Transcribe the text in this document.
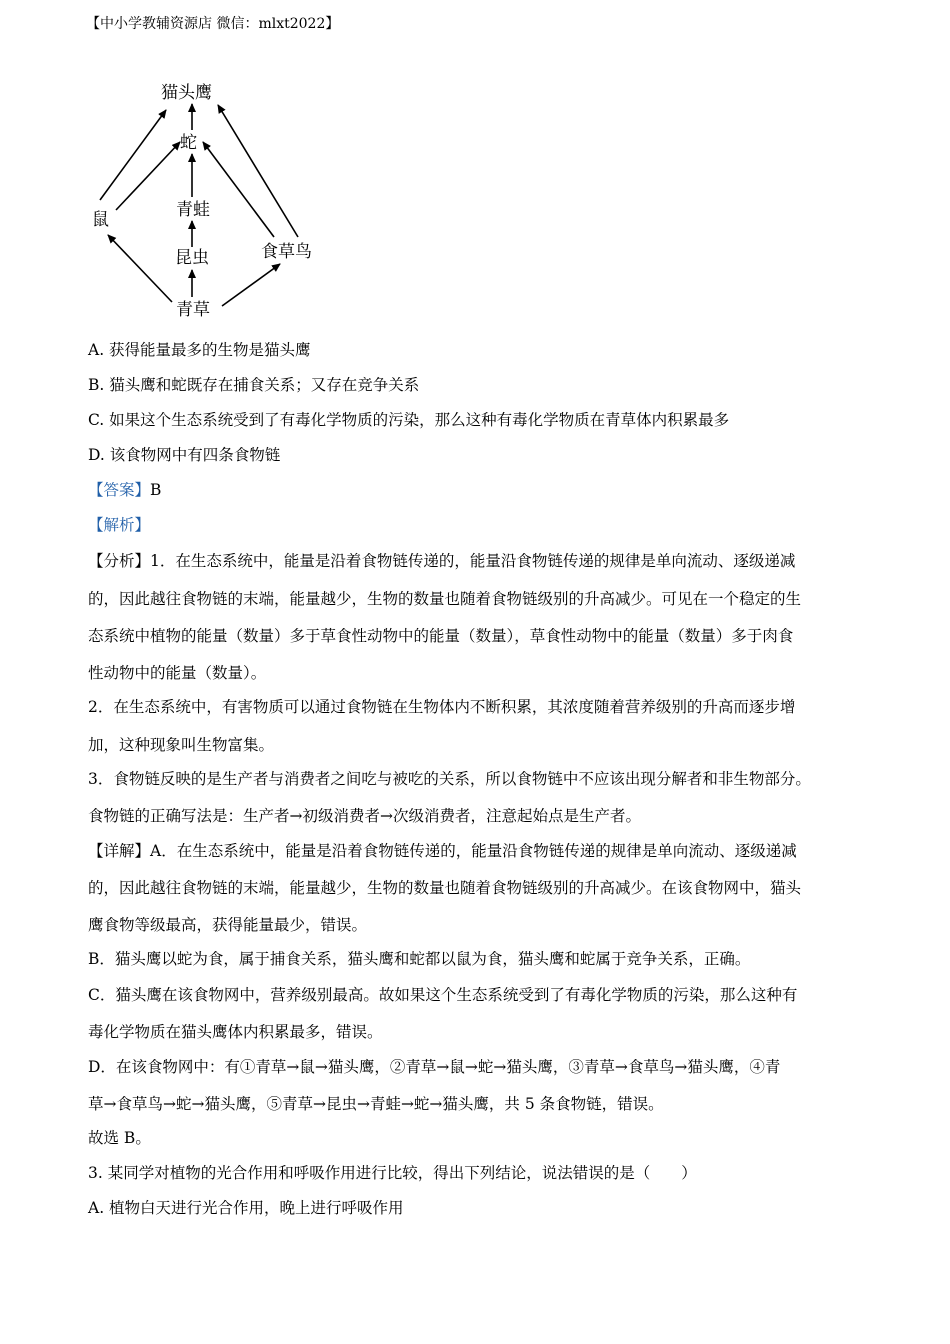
【中小学教辅资源店 微信：mlxt2022】
猫头鹰
蛇
鼠	青蛙
昆虫	食草鸟
青草
A. 获得能量最多的生物是猫头鹰
B. 猫头鹰和蛇既存在捕食关系；又存在竞争关系
C. 如果这个生态系统受到了有毒化学物质的污染，那么这种有毒化学物质在青草体内积累最多
D. 该食物网中有四条食物链
【答案】B
【解析】
【分析】1．在生态系统中，能量是沿着食物链传递的，能量沿食物链传递的规律是单向流动、逐级递减
的，因此越往食物链的末端，能量越少，生物的数量也随着食物链级别的升高减少。可见在一个稳定的生
态系统中植物的能量（数量）多于草食性动物中的能量（数量），草食性动物中的能量（数量）多于肉食
性动物中的能量（数量）。
2．在生态系统中，有害物质可以通过食物链在生物体内不断积累，其浓度随着营养级别的升高而逐步增
加，这种现象叫生物富集。
3．食物链反映的是生产者与消费者之间吃与被吃的关系，所以食物链中不应该出现分解者和非生物部分。
食物链的正确写法是：生产者→初级消费者→次级消费者，注意起始点是生产者。
【详解】A．在生态系统中，能量是沿着食物链传递的，能量沿食物链传递的规律是单向流动、逐级递减
的，因此越往食物链的末端，能量越少，生物的数量也随着食物链级别的升高减少。在该食物网中，猫头
鹰食物等级最高，获得能量最少，错误。
B．猫头鹰以蛇为食，属于捕食关系，猫头鹰和蛇都以鼠为食，猫头鹰和蛇属于竞争关系，正确。
C．猫头鹰在该食物网中，营养级别最高。故如果这个生态系统受到了有毒化学物质的污染，那么这种有
毒化学物质在猫头鹰体内积累最多，错误。
D．在该食物网中：有①青草→鼠→猫头鹰，②青草→鼠→蛇→猫头鹰，③青草→食草鸟→猫头鹰，④青
草→食草鸟→蛇→猫头鹰，⑤青草→昆虫→青蛙→蛇→猫头鹰，共 5 条食物链，错误。
故选 B。
3. 某同学对植物的光合作用和呼吸作用进行比较，得出下列结论，说法错误的是（　　）
A. 植物白天进行光合作用，晚上进行呼吸作用
